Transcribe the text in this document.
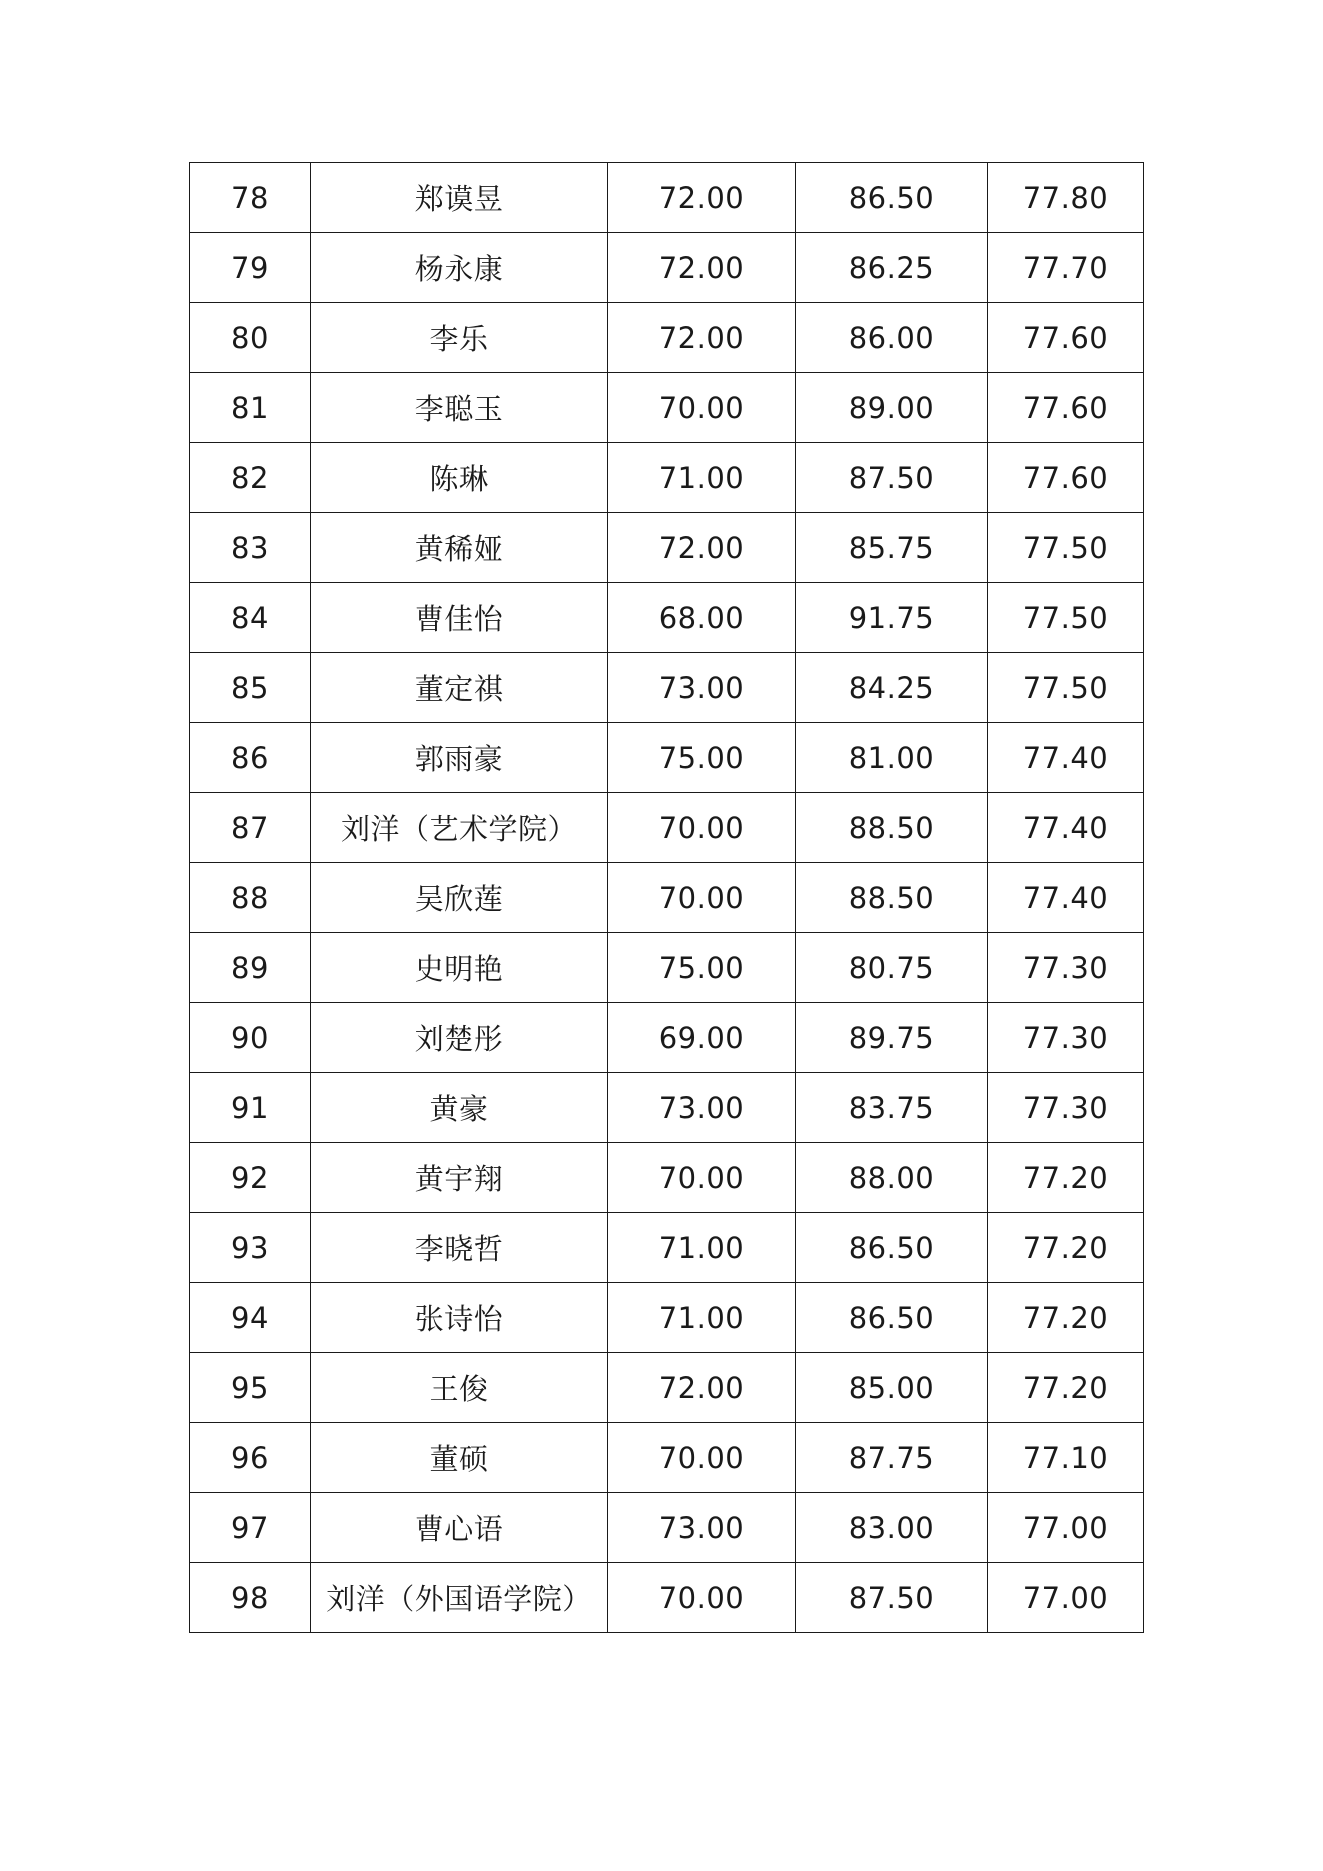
78	郑谟昱	72.00	86.50	77.80
79	杨永康	72.00	86.25	77.70
80	李乐	72.00	86.00	77.60
81	李聪玉	70.00	89.00	77.60
82	陈琳	71.00	87.50	77.60
83	黄稀娅	72.00	85.75	77.50
84	曹佳怡	68.00	91.75	77.50
85	董定祺	73.00	84.25	77.50
86	郭雨豪	75.00	81.00	77.40
87	刘洋（艺术学院）	70.00	88.50	77.40
88	吴欣莲	70.00	88.50	77.40
89	史明艳	75.00	80.75	77.30
90	刘楚彤	69.00	89.75	77.30
91	黄豪	73.00	83.75	77.30
92	黄宇翔	70.00	88.00	77.20
93	李晓哲	71.00	86.50	77.20
94	张诗怡	71.00	86.50	77.20
95	王俊	72.00	85.00	77.20
96	董硕	70.00	87.75	77.10
97	曹心语	73.00	83.00	77.00
98	刘洋（外国语学院）	70.00	87.50	77.00
